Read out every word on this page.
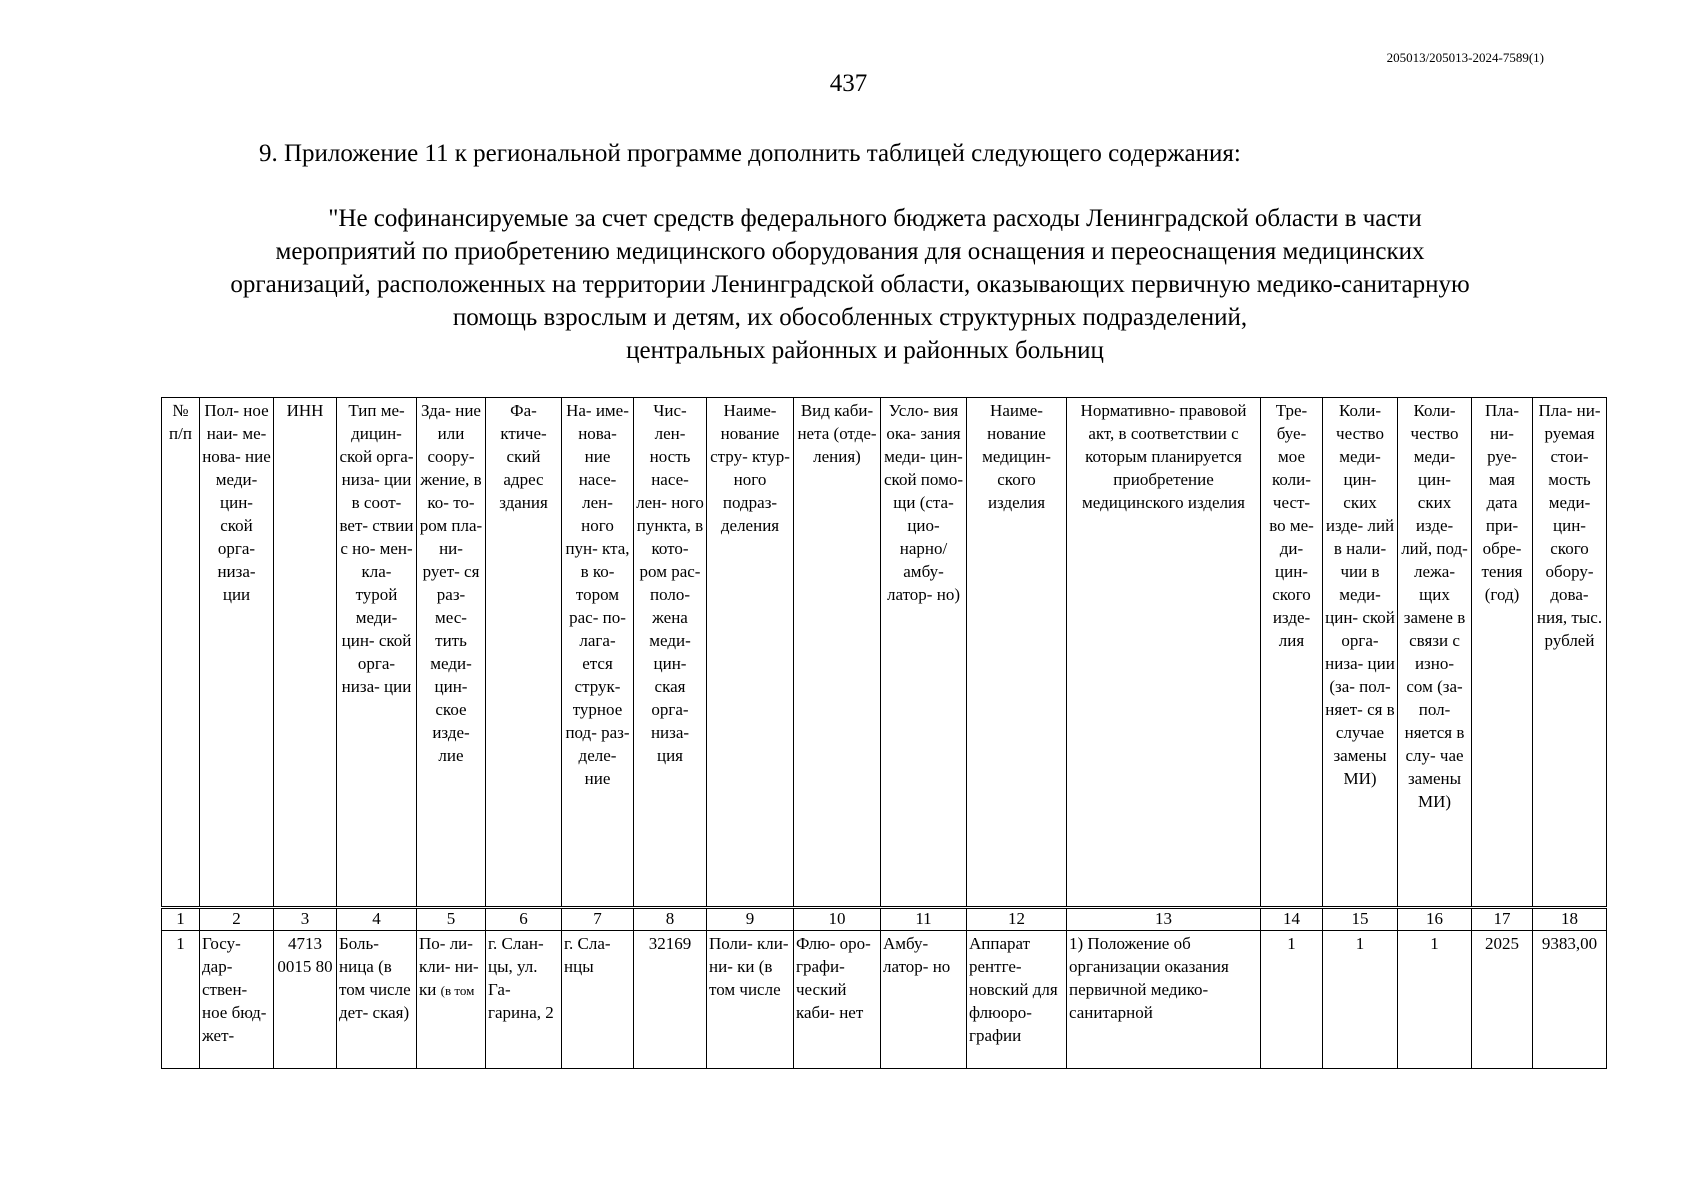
205013/205013-2024-7589(1)
437
9. Приложение 11 к региональной программе дополнить таблицей следующего содержания:
"Не софинансируемые за счет средств федерального бюджета расходы Ленинградской области в части
мероприятий по приобретению медицинского оборудования для оснащения и переоснащения медицинских
организаций, расположенных на территории Ленинградской области, оказывающих первичную медико-санитарную
помощь взрослым и детям, их обособленных структурных подразделений,
центральных районных и районных больниц
№ п/п	Пол- ное наи- ме- нова- ние меди- цин- ской орга- низа- ции	ИНН	Тип ме- дицин- ской орга- низа- ции в соот- вет- ствии с но- мен- кла- турой меди- цин- ской орга- низа- ции	Зда- ние или соору- жение, в ко- то- ром пла- ни- рует- ся раз- мес- тить меди- цин- ское изде- лие	Фа- ктиче- ский адрес здания	На- име- нова- ние насе- лен- ного пун- кта, в ко- тором рас- по- лага- ется струк- турное под- раз- деле- ние	Чис- лен- ность насе- лен- ного пункта, в кото- ром рас- поло- жена меди- цин- ская орга- низа- ция	Наиме- нование стру- ктур- ного подраз- деления	Вид каби- нета (отде- ления)	Усло- вия ока- зания меди- цин- ской помо- щи (ста- цио- нарно/ амбу- латор- но)	Наиме- нование медицин- ского изделия	Нормативно- правовой акт, в соответствии с которым планируется приобретение медицинского изделия	Тре- буе- мое коли- чест- во ме- ди- цин- ского изде- лия	Коли- чество меди- цин- ских изде- лий в нали- чии в меди- цин- ской орга- низа- ции (за- пол- няет- ся в случае замены МИ)	Коли- чество меди- цин- ских изде- лий, под- лежа- щих замене в связи с изно- сом (за- пол- няется в слу- чае замены МИ)	Пла- ни- руе- мая дата при- обре- тения (год)	Пла- ни- руемая стои- мость меди- цин- ского обору- дова- ния, тыс. рублей
1	2	3	4	5	6	7	8	9	10	11	12	13	14	15	16	17	18
1	Госу- дар- ствен- ное бюд- жет-	4713 0015 80	Боль- ница (в том числе дет- ская)	По- ли- кли- ни- ки (в том	г. Слан- цы, ул. Га- гарина, 2	г. Сла- нцы	32169	Поли- кли- ни- ки (в том числе	Флю- оро- графи- ческий каби- нет	Амбу- латор- но	Аппарат рентге- новский для флюоро- графии	1) Положение об организации оказания первичной медико- санитарной	1	1	1	2025	9383,00
